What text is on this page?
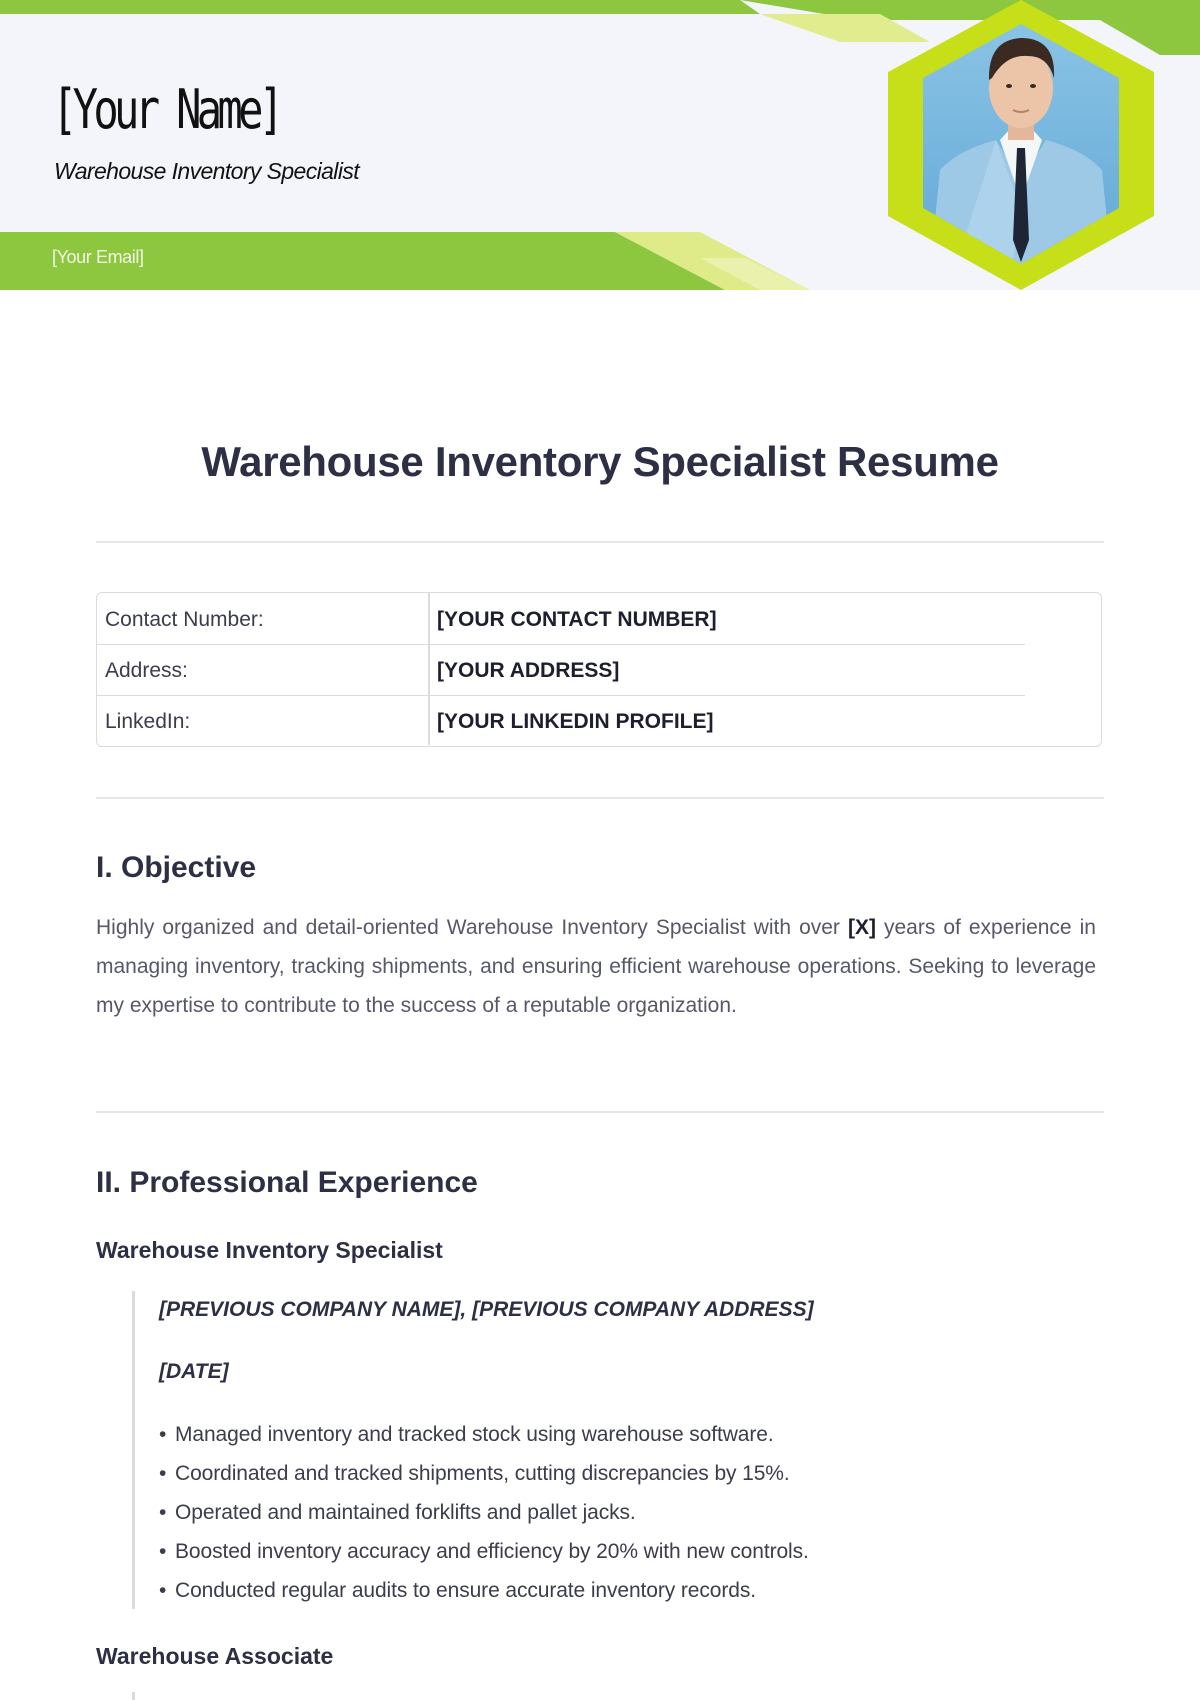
[Your Name]
Warehouse Inventory Specialist
[Your Email]
Warehouse Inventory Specialist Resume
Contact Number:	[YOUR CONTACT NUMBER]
Address:	[YOUR ADDRESS]
LinkedIn:	[YOUR LINKEDIN PROFILE]
I. Objective

Highly organized and detail-oriented Warehouse Inventory Specialist with over [X] years of experience in managing inventory, tracking shipments, and ensuring efficient warehouse operations. Seeking to leverage my expertise to contribute to the success of a reputable organization.

II. Professional Experience
Warehouse Inventory Specialist

[PREVIOUS COMPANY NAME], [PREVIOUS COMPANY ADDRESS]

[DATE]

• Managed inventory and tracked stock using warehouse software.
• Coordinated and tracked shipments, cutting discrepancies by 15%.
• Operated and maintained forklifts and pallet jacks.
• Boosted inventory accuracy and efficiency by 20% with new controls.
• Conducted regular audits to ensure accurate inventory records.
Warehouse Associate
